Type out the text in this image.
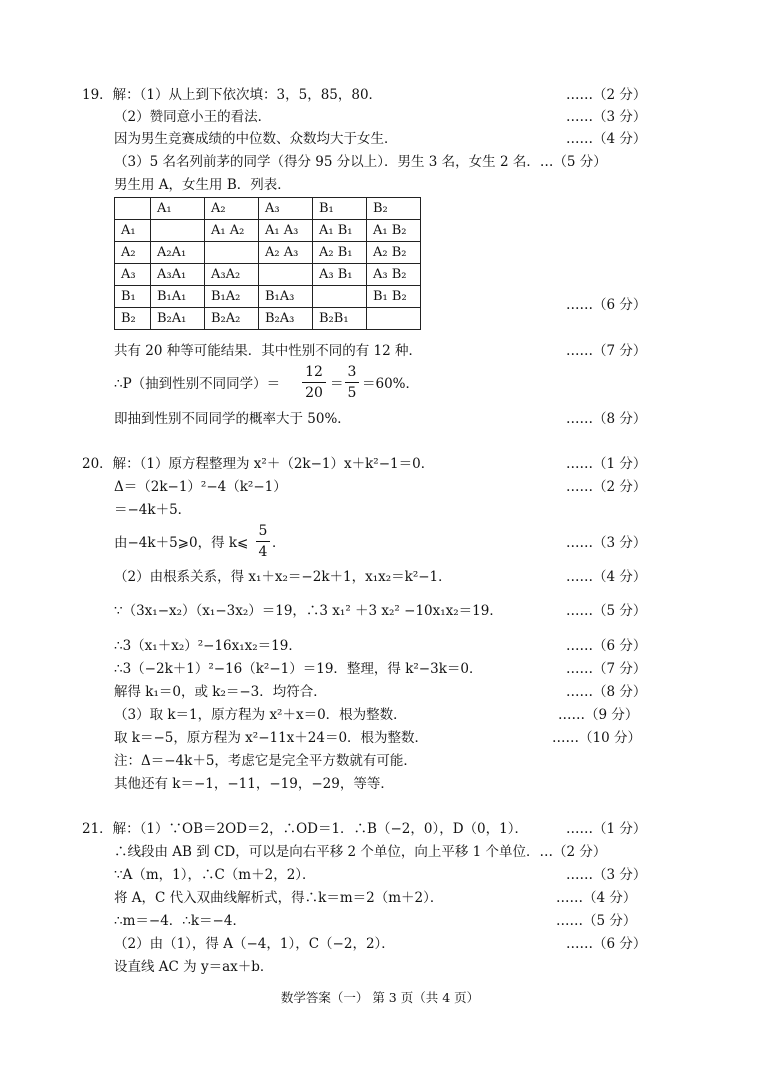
19．解：（1）从上到下依次填：3，5，85，80．	……（2 分）
（2）赞同意小王的看法．	……（3 分）
因为男生竞赛成绩的中位数、众数均大于女生．	……（4 分）
（3）5 名名列前茅的同学（得分 95 分以上）．男生 3 名，女生 2 名．…（5 分）
男生用 A，女生用 B．列表．
	A₁	A₂	A₃	B₁	B₂
A₁		A₁ A₂	A₁ A₃	A₁ B₁	A₁ B₂
A₂	A₂A₁		A₂ A₃	A₂ B₁	A₂ B₂
A₃	A₃A₁	A₃A₂		A₃ B₁	A₃ B₂
B₁	B₁A₁	B₁A₂	B₁A₃		B₁ B₂
B₂	B₂A₁	B₂A₂	B₂A₃	B₂B₁	
……（6 分）
共有 20 种等可能结果．其中性别不同的有 12 种．	……（7 分）
∴P（抽到性别不同同学）＝
12
20
＝
3
5
＝60%．
即抽到性别不同同学的概率大于 50%．	……（8 分）
20．解：（1）原方程整理为 x²＋（2k−1）x＋k²−1＝0．	……（1 分）
Δ＝（2k−1）²−4（k²−1）	……（2 分）
＝−4k＋5．
由−4k＋5⩾0，得 k⩽
5
4
．	……（3 分）
（2）由根系关系，得 x₁＋x₂＝−2k＋1，x₁x₂＝k²−1．	……（4 分）
∵（3x₁−x₂）（x₁−3x₂）＝19，∴3 x₁² ＋3 x₂² −10x₁x₂＝19．	……（5 分）
∴3（x₁＋x₂）²−16x₁x₂＝19．	……（6 分）
∴3（−2k＋1）²−16（k²−1）＝19．整理，得 k²−3k＝0．	……（7 分）
解得 k₁＝0，或 k₂＝−3．均符合．	……（8 分）
（3）取 k＝1，原方程为 x²＋x＝0．根为整数．	……（9 分）
取 k＝−5，原方程为 x²−11x＋24＝0．根为整数．	……（10 分）
注：Δ＝−4k＋5，考虑它是完全平方数就有可能．
其他还有 k＝−1，−11，−19，−29，等等．
21．解：（1）∵OB＝2OD＝2，∴OD＝1．∴B（−2，0），D（0，1）．	……（1 分）
∴线段由 AB 到 CD，可以是向右平移 2 个单位，向上平移 1 个单位．…（2 分）
∵A（m，1），∴C（m＋2，2）．	……（3 分）
将 A，C 代入双曲线解析式，得∴k＝m＝2（m＋2）．	……（4 分）
∴m＝−4．∴k＝−4．	……（5 分）
（2）由（1），得 A（−4，1），C（−2，2）．	……（6 分）
设直线 AC 为 y＝ax＋b．
数学答案（一） 第 3 页（共 4 页）
